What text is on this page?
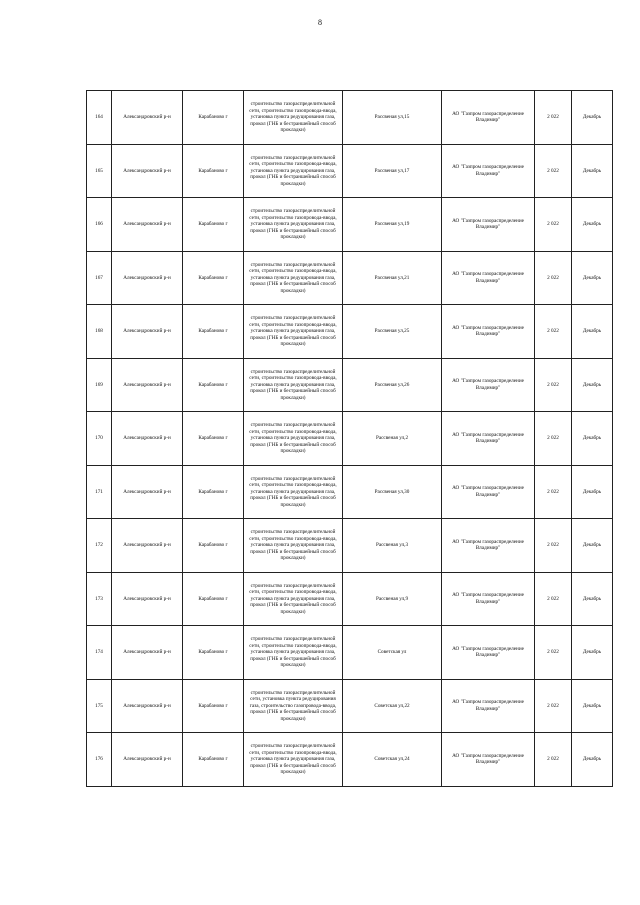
8
164	Александровский р-н	Карабаново г	строительство газораспределительной сети, строительство газопровода-ввода, установка пункта редуцирования газа, прокол (ГНБ и бестраншейный способ прокладки)	Рассвеная ул,15	АО "Газпром газораспределение Владимир"	2 022	Декабрь
165	Александровский р-н	Карабаново г	строительство газораспределительной сети, строительство газопровода-ввода, установка пункта редуцирования газа, прокол (ГНБ и бестраншейный способ прокладки)	Рассвеная ул,17	АО "Газпром газораспределение Владимир"	2 022	Декабрь
166	Александровский р-н	Карабаново г	строительство газораспределительной сети, строительство газопровода-ввода, установка пункта редуцирования газа, прокол (ГНБ и бестраншейный способ прокладки)	Рассвеная ул,19	АО "Газпром газораспределение Владимир"	2 022	Декабрь
167	Александровский р-н	Карабаново г	строительство газораспределительной сети, строительство газопровода-ввода, установка пункта редуцирования газа, прокол (ГНБ и бестраншейный способ прокладки)	Рассвеная ул,21	АО "Газпром газораспределение Владимир"	2 022	Декабрь
168	Александровский р-н	Карабаново г	строительство газораспределительной сети, строительство газопровода-ввода, установка пункта редуцирования газа, прокол (ГНБ и бестраншейный способ прокладки)	Рассвеная ул,25	АО "Газпром газораспределение Владимир"	2 022	Декабрь
169	Александровский р-н	Карабаново г	строительство газораспределительной сети, строительство газопровода-ввода, установка пункта редуцирования газа, прокол (ГНБ и бестраншейный способ прокладки)	Рассвеная ул,26	АО "Газпром газораспределение Владимир"	2 022	Декабрь
170	Александровский р-н	Карабаново г	строительство газораспределительной сети, строительство газопровода-ввода, установка пункта редуцирования газа, прокол (ГНБ и бестраншейный способ прокладки)	Рассвеная ул,2	АО "Газпром газораспределение Владимир"	2 022	Декабрь
171	Александровский р-н	Карабаново г	строительство газораспределительной сети, строительство газопровода-ввода, установка пункта редуцирования газа, прокол (ГНБ и бестраншейный способ прокладки)	Рассвеная ул,30	АО "Газпром газораспределение Владимир"	2 022	Декабрь
172	Александровский р-н	Карабаново г	строительство газораспределительной сети, строительство газопровода-ввода, установка пункта редуцирования газа, прокол (ГНБ и бестраншейный способ прокладки)	Рассвеная ул,3	АО "Газпром газораспределение Владимир"	2 022	Декабрь
173	Александровский р-н	Карабаново г	строительство газораспределительной сети, строительство газопровода-ввода, установка пункта редуцирования газа, прокол (ГНБ и бестраншейный способ прокладки)	Рассвеная ул,9	АО "Газпром газораспределение Владимир"	2 022	Декабрь
174	Александровский р-н	Карабаново г	строительство газораспределительной сети, строительство газопровода-ввода, установка пункта редуцирования газа, прокол (ГНБ и бестраншейный способ прокладки)	Советская ул	АО "Газпром газораспределение Владимир"	2 022	Декабрь
175	Александровский р-н	Карабаново г	строительство газораспределительной сети, установка пункта редуцирования газа, строительство газопровода-ввода, прокол (ГНБ и бестраншейный способ прокладки)	Советская ул,22	АО "Газпром газораспределение Владимир"	2 022	Декабрь
176	Александровский р-н	Карабаново г	строительство газораспределительной сети, строительство газопровода-ввода, установка пункта редуцирования газа, прокол (ГНБ и бестраншейный способ прокладки)	Советская ул,24	АО "Газпром газораспределение Владимир"	2 022	Декабрь
